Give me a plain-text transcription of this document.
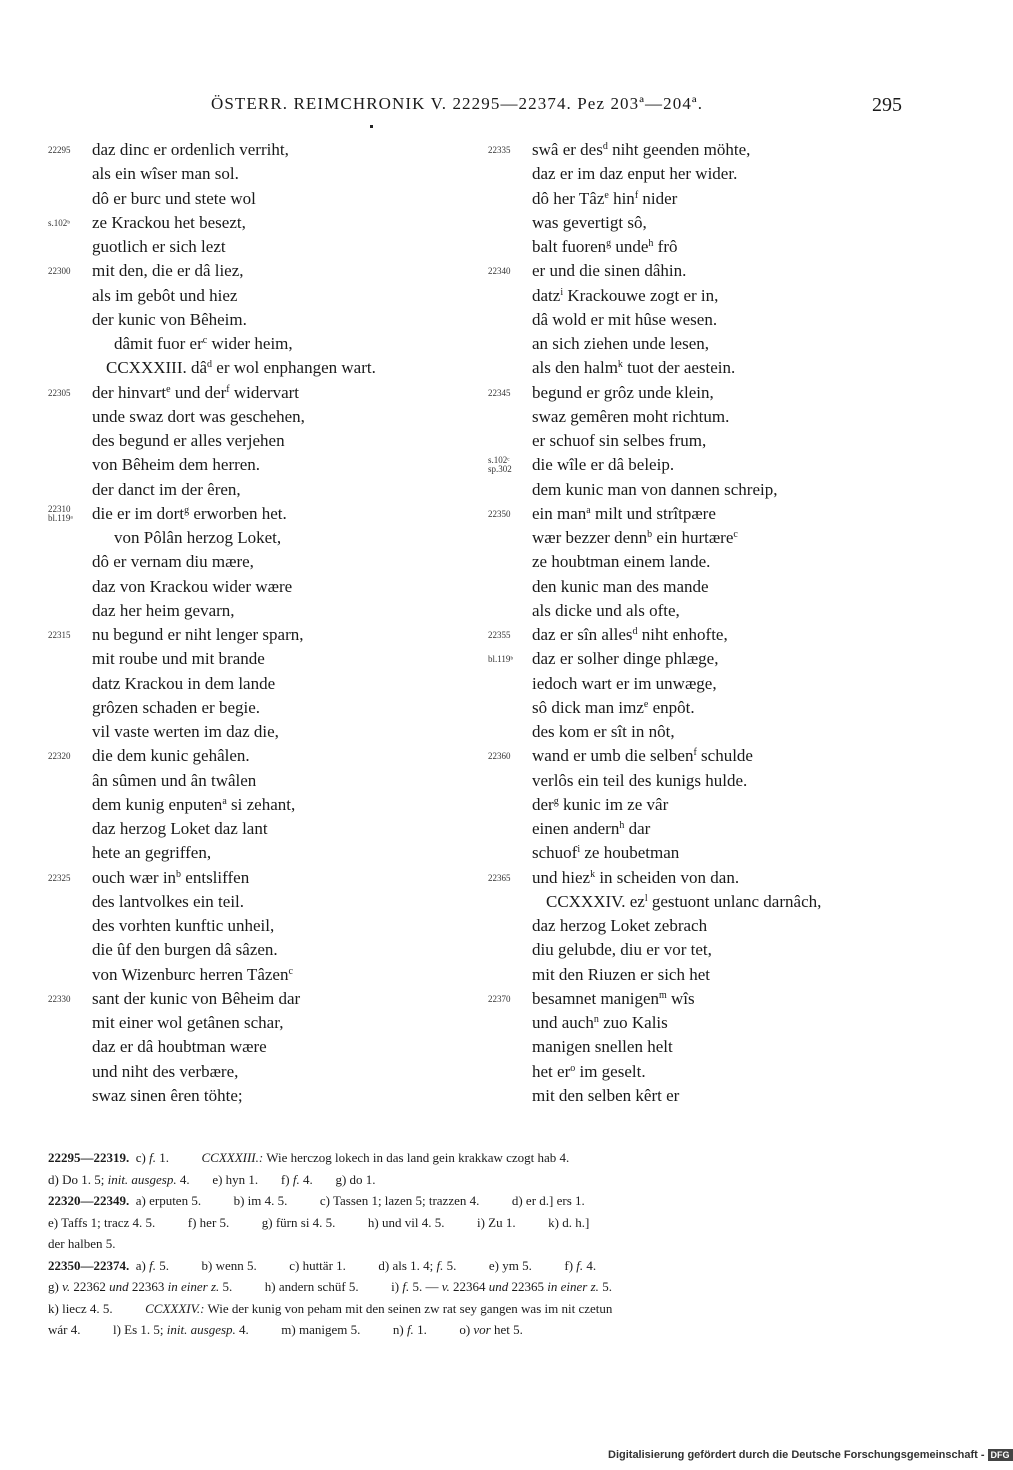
ÖSTERR. REIMCHRONIK V. 22295—22374. Pez 203ª—204ª.	295
22295	daz dinc er ordenlich verriht,
als ein wîser man sol.
dô er burc und stete wol
s.102ᵇ	ze Krackou het besezt,
guotlich er sich lezt
22300	mit den, die er dâ liez,
als im gebôt und hiez
der kunic von Bêheim.
dâmit fuor $er^c$ wider heim,
CCXXXIII. $dâ^d$ er wol enphangen wart.
22305	der hinvart$^e$ und der$^f$ widervart
unde swaz dort was geschehen,
des begund er alles verjehen
von Bêheim dem herren.
der danct im der êren,
22310
bl.119ᵃ	die er im dort$^g$ erworben het.
von Pôlân herzog Loket,
dô er vernam diu mære,
daz von Krackou wider wære
daz her heim gevarn,
22315	nu begund er niht lenger sparn,
mit roube und mit brande
datz Krackou in dem lande
grôzen schaden er begie.
vil vaste werten im daz die,
22320	die dem kunic gehâlen.
ân sûmen und ân twâlen
dem kunig enputen$^a$ si zehant,
daz herzog Loket daz lant
hete an gegriffen,
22325	ouch wær $in^b$ entsliffen
des lantvolkes ein teil.
des vorhten kunftic unheil,
die ûf den burgen dâ sâzen.
von Wizenburc herren Tâzen$^c$
22330	sant der kunic von Bêheim dar
mit einer wol getânen schar,
daz er dâ houbtman wære
und niht des verbære,
swaz sinen êren töhte;
22335	swâ er des$^d$ niht geenden möhte,
daz er im daz enput her wider.
dô her Tâz$^e$ hin$^f$ nider
was gevertigt sô,
balt fuoren$^g$ unde$^h$ frô
22340	er und die sinen dâhin.
datz$^i$ Krackouwe zogt er in,
dâ wold er mit hûse wesen.
an sich ziehen unde lesen,
als den halm$^k$ tuot der aestein.
22345	begund er grôz unde klein,
swaz gemêren moht richtum.
er schuof sin selbes frum,
s.102ᶜ
sp.302	die wîle er dâ beleip.
dem kunic man von dannen schreip,
22350	ein man$^a$ milt und strîtpære
wær bezzer denn$^b$ ein hurtære$^c$
ze houbtman einem lande.
den kunic man des mande
als dicke und als ofte,
22355	daz er sîn alles$^d$ niht enhofte,
bl.119ᵇ	daz er solher dinge phlæge,
iedoch wart er im unwæge,
sô dick man imz$^e$ enpôt.
des kom er sît in nôt,
22360	wand er umb die selben$^f$ schulde
verlôs ein teil des kunigs hulde.
der$^g$ kunic im ze vâr
einen andern$^h$ dar
schuof$^i$ ze houbetman
22365	und hiez$^k$ in scheiden von dan.
CCXXXIV. $ez^l$ gestuont unlanc darnâch,
daz herzog Loket zebrach
diu gelubde, diu er vor tet,
mit den Riuzen er sich het
22370	besamnet manigen$^m$ wîs
und auch$^n$ zuo Kalis
manigen snellen helt
het $er^o$ im geselt.
mit den selben kêrt er
22295—22319.  c) f. 1.          CCXXXIII.: Wie herczog lokech in das land gein krakkaw czogt hab 4.
d) Do 1. 5; init. ausgesp. 4.       e) hyn 1.       f) f. 4.       g) do 1.
22320—22349.  a) erputen 5.          b) im 4. 5.          c) Tassen 1; lazen 5; trazzen 4.          d) er d.] ers 1.
e) Taffs 1; tracz 4. 5.          f) her 5.          g) fürn si 4. 5.          h) und vil 4. 5.          i) Zu 1.          k) d. h.]
der halben 5.
22350—22374.  a) f. 5.          b) wenn 5.          c) huttär 1.          d) als 1. 4; f. 5.          e) ym 5.          f) f. 4.
g) v. 22362 und 22363 in einer z. 5.          h) andern schüf 5.          i) f. 5. — v. 22364 und 22365 in einer z. 5.
k) liecz 4. 5.          CCXXXIV.: Wie der kunig von peham mit den seinen zw rat sey gangen was im nit czetun
wár 4.          l) Es 1. 5; init. ausgesp. 4.          m) manigem 5.          n) f. 1.          o) vor het 5.
Digitalisierung gefördert durch die Deutsche Forschungsgemeinschaft - DFG
